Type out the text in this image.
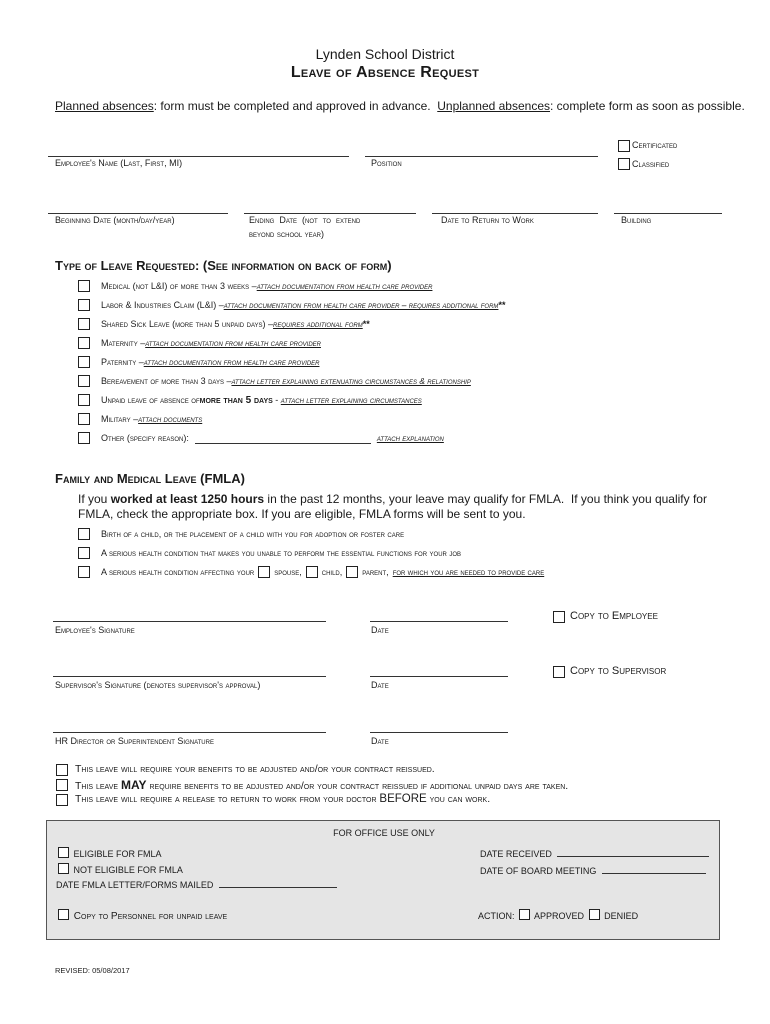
Lynden School District
Leave of Absence Request
Planned absences: form must be completed and approved in advance. Unplanned absences: complete form as soon as possible.
Employee's Name (Last, First, MI)	Position
Certificated
Classified
Beginning Date (month/day/year)	Ending  Date  (not  to  extend
beyond school year)
Date to Return to Work	Building
Type of Leave Requested: (See information on back of form)
Medical (not L&I) of more than 3 weeks – attach documentation from health care provider
Labor & Industries Claim (L&I) – attach documentation from health care provider – requires additional form **
Shared Sick Leave (more than 5 unpaid days) – requires additional form **
Maternity – attach documentation from health care provider
Paternity – attach documentation from health care provider
Bereavement of more than 3 days – attach letter explaining extenuating circumstances & relationship
Unpaid leave of absence of more than 5 days - attach letter explaining circumstances
Military – attach documents
Other (specify reason):	attach explanation
Family and Medical Leave (FMLA)
If you worked at least 1250 hours in the past 12 months, your leave may qualify for FMLA.  If you think you qualify for
FMLA, check the appropriate box. If you are eligible, FMLA forms will be sent to you.
Birth of a child, or the placement of a child with you for adoption or foster care
A serious health condition that makes you unable to perform the essential functions for your job
A serious health condition affecting your spouse, child, parent, for which you are needed to provide care
Employee's Signature	Date
Copy to Employee
Supervisor's Signature (denotes supervisor's approval)	Date
Copy to Supervisor
HR Director or Superintendent Signature	Date
This leave will require your benefits to be adjusted and/or your contract reissued.
This leave MAY require benefits to be adjusted and/or your contract reissued if additional unpaid days are taken.
This leave will require a release to return to work from your doctor BEFORE you can work.
FOR OFFICE USE ONLY
ELIGIBLE FOR FMLA
NOT ELIGIBLE FOR FMLA
DATE FMLA LETTER/FORMS MAILED
DATE RECEIVED
DATE OF BOARD MEETING
Copy to Personnel for unpaid leave	ACTION: APPROVED DENIED
REVISED: 05/08/2017
